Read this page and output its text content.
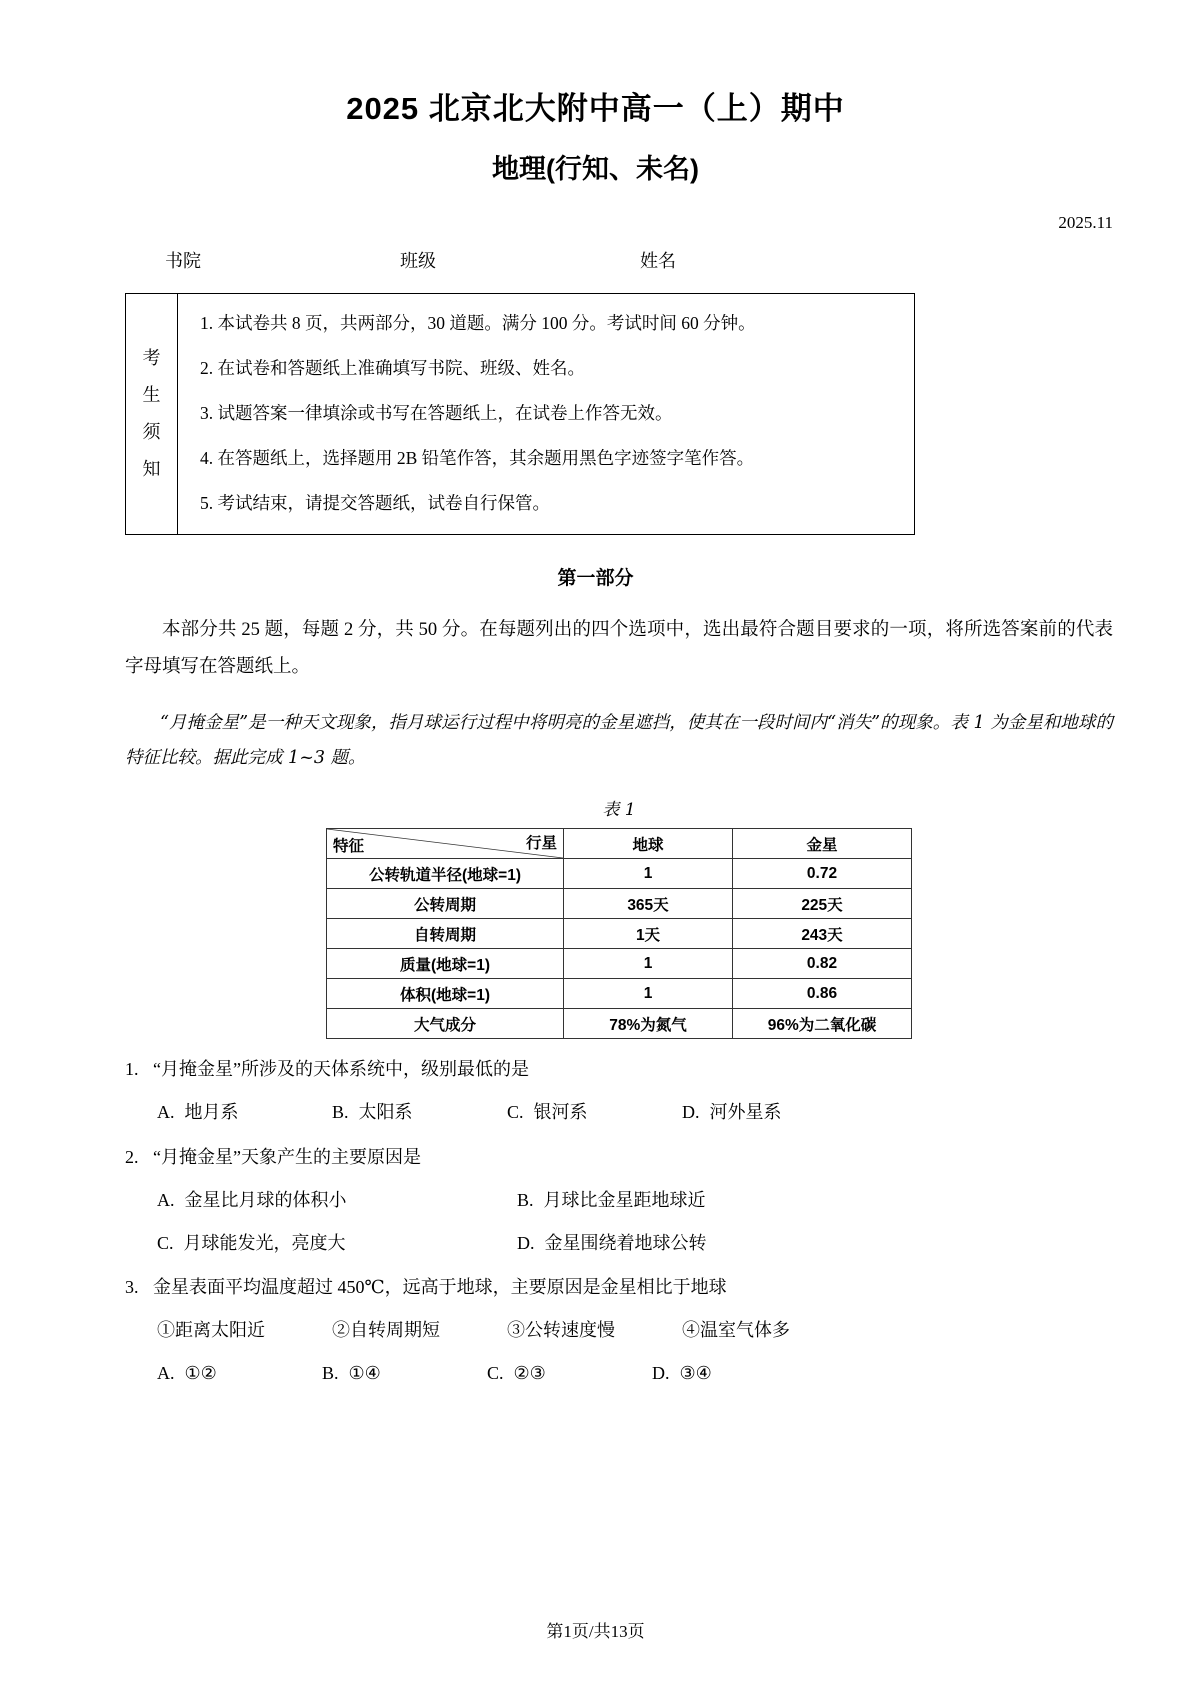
2025 北京北大附中高一（上）期中
地理(行知、未名)
2025.11
书院	班级	姓名
考
生
须
知
1. 本试卷共 8 页，共两部分，30 道题。满分 100 分。考试时间 60 分钟。
2. 在试卷和答题纸上准确填写书院、班级、姓名。
3. 试题答案一律填涂或书写在答题纸上，在试卷上作答无效。
4. 在答题纸上，选择题用 2B 铅笔作答，其余题用黑色字迹签字笔作答。
5. 考试结束，请提交答题纸，试卷自行保管。
第一部分
本部分共 25 题，每题 2 分，共 50 分。在每题列出的四个选项中，选出最符合题目要求的一项，将所选答案前的代表字母填写在答题纸上。
“月掩金星”是一种天文现象，指月球运行过程中将明亮的金星遮挡，使其在一段时间内“消失”的现象。表 1 为金星和地球的特征比较。据此完成 1~3 题。
表 1
行星
特征	地球	金星
公转轨道半径(地球=1)	1	0.72
公转周期	365天	225天
自转周期	1天	243天
质量(地球=1)	1	0.82
体积(地球=1)	1	0.86
大气成分	78%为氮气	96%为二氧化碳
1. “月掩金星”所涉及的天体系统中，级别最低的是
A. 地月系	B. 太阳系	C. 银河系	D. 河外星系
2. “月掩金星”天象产生的主要原因是
A. 金星比月球的体积小	B. 月球比金星距地球近
C. 月球能发光，亮度大	D. 金星围绕着地球公转
3. 金星表面平均温度超过 450℃，远高于地球，主要原因是金星相比于地球
①距离太阳近	②自转周期短	③公转速度慢	④温室气体多
A. ①②	B. ①④	C. ②③	D. ③④
第1页/共13页
